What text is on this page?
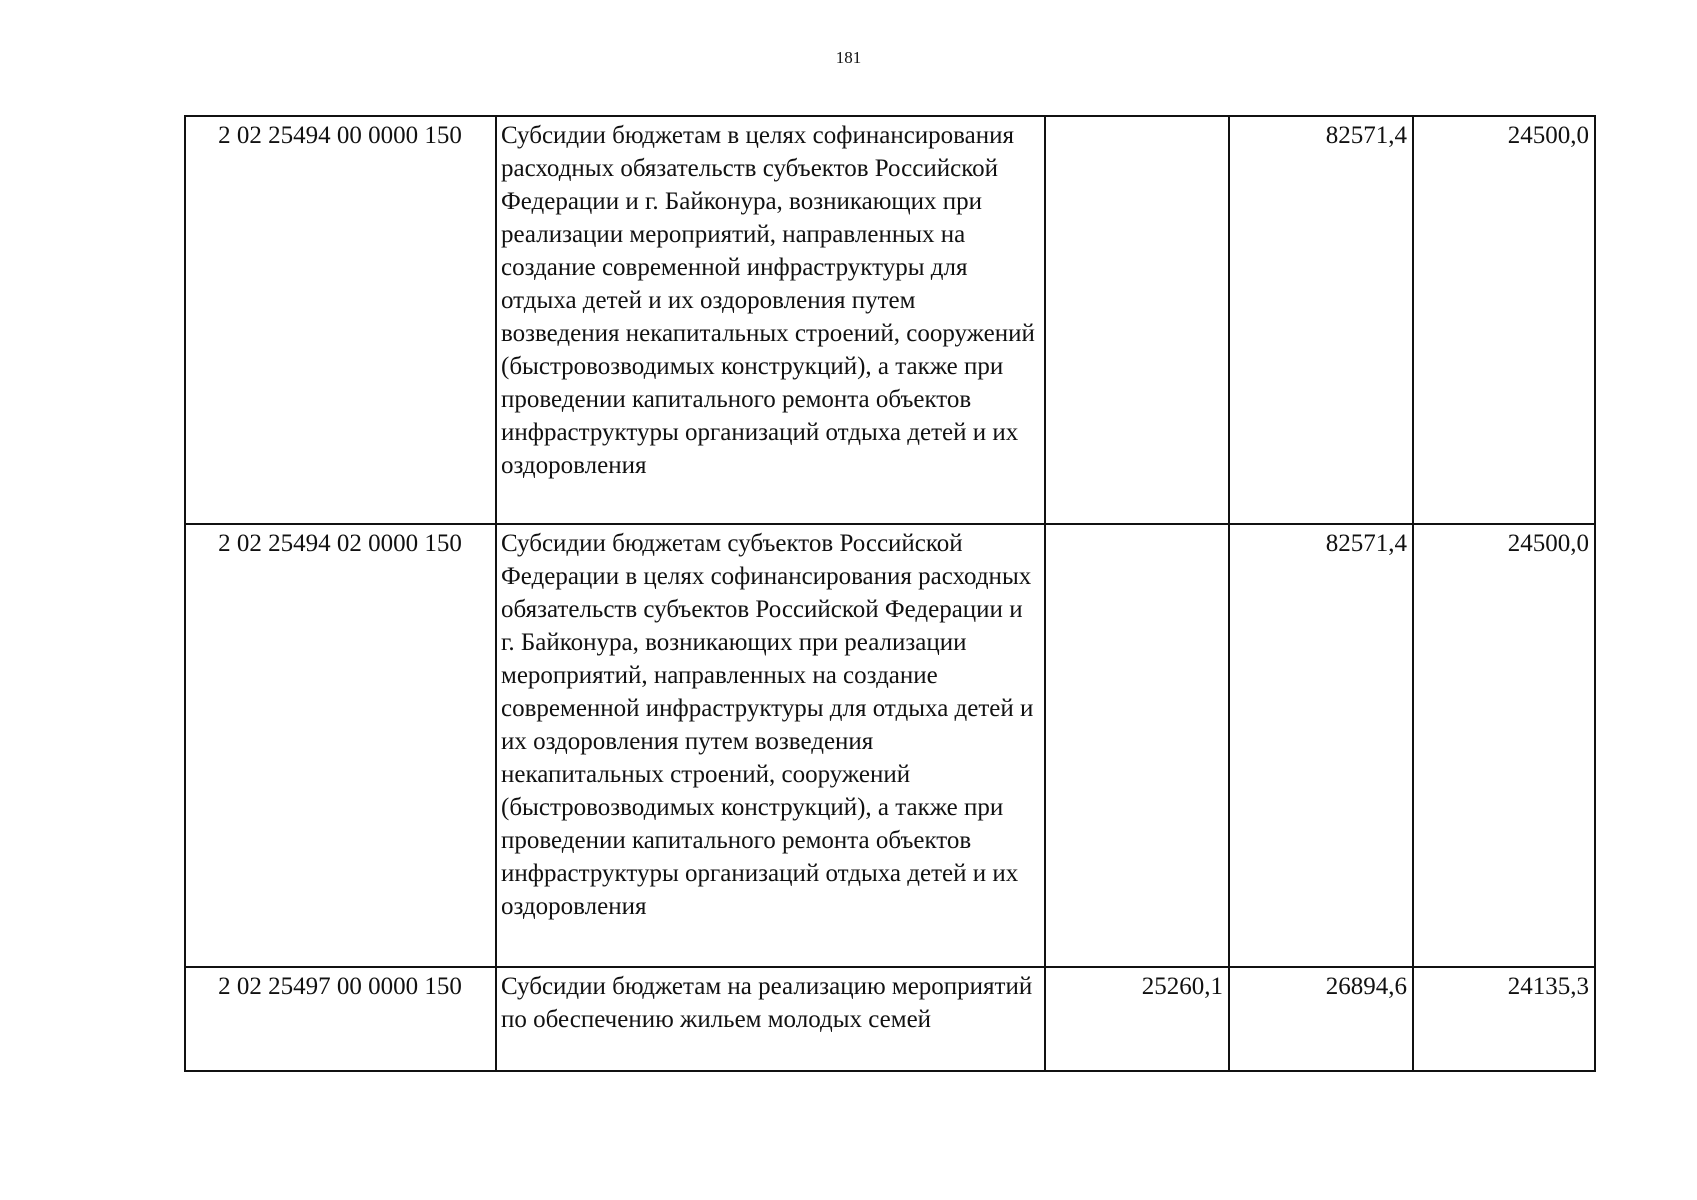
181
2 02 25494 00 0000 150	Субсидии бюджетам в целях софинансирования расходных обязательств субъектов Российской Федерации и г. Байконура, возникающих при реализации мероприятий, направленных на создание современной инфраструктуры для отдыха детей и их оздоровления путем возведения некапитальных строений, сооружений (быстровозводимых конструкций), а также при проведении капитального ремонта объектов инфраструктуры организаций отдыха детей и их оздоровления		82571,4	24500,0
2 02 25494 02 0000 150	Субсидии бюджетам субъектов Российской Федерации в целях софинансирования расходных обязательств субъектов Российской Федерации и г. Байконура, возникающих при реализации мероприятий, направленных на создание современной инфраструктуры для отдыха детей и их оздоровления путем возведения некапитальных строений, сооружений (быстровозводимых конструкций), а также при проведении капитального ремонта объектов инфраструктуры организаций отдыха детей и их оздоровления		82571,4	24500,0
2 02 25497 00 0000 150	Субсидии бюджетам на реализацию мероприятий по обеспечению жильем молодых семей	25260,1	26894,6	24135,3
